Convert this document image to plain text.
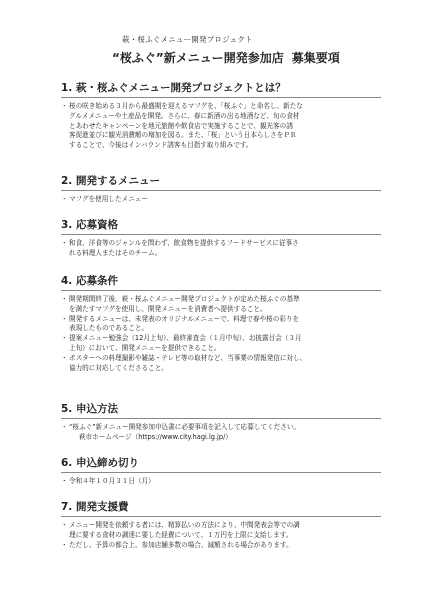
萩・桜ふぐメニュー開発プロジェクト
“桜ふぐ”新メニュー開発参加店 募集要項
1. 萩・桜ふぐメニュー開発プロジェクトとは？
・ 桜の咲き始める３月から最盛期を迎えるマフグを、「桜ふぐ」と命名し、新たな
グルメメニューや土産品を開発。さらに、春に新酒の出る地酒など、旬の食材
とあわせたキャンペーンを地元旅館や飲食店で実施することで、観光客の誘
客促進並びに観光消費額の増加を図る。また、「桜」という日本らしさをＰＲ
することで、今後はインバウンド誘客も目指す取り組みです。
2. 開発するメニュー
・ マフグを使用したメニュー
3. 応募資格
・ 和食、洋食等のジャンルを問わず、飲食物を提供するフードサービスに従事さ
れる料理人またはそのチーム。
4. 応募条件
・ 開発期間終了後、萩・桜ふぐメニュー開発プロジェクトが定めた桜ふぐの基準
を満たすマフグを使用し、開発メニューを消費者へ提供すること。
・ 開発するメニューは、未発表のオリジナルメニューで、料理で春や桜の彩りを
表現したものであること。
・ 提案メニュー勉強会（12月上旬）、最終審査会（１月中旬）、お披露目会（３月
上旬）において、開発メニューを提供できること。
・ ポスターへの料理撮影や雑誌・テレビ等の取材など、当事業の情報発信に対し、
協力的に対応してくださること。
5. 申込方法
・ “桜ふぐ”新メニュー開発参加申込書に必要事項を記入して応募してください。
萩市ホームページ（https://www.city.hagi.lg.jp/）
6. 申込締め切り
・ 令和４年１０月３１日（月）
7. 開発支援費
・ メニュー開発を依頼する者には、精算払いの方法により、中間発表会等での調
理に要する食材の調達に要した経費について、１万円を上限に支給します。
・ ただし、予算の都合上、参加店舗多数の場合、減額される場合があります。
